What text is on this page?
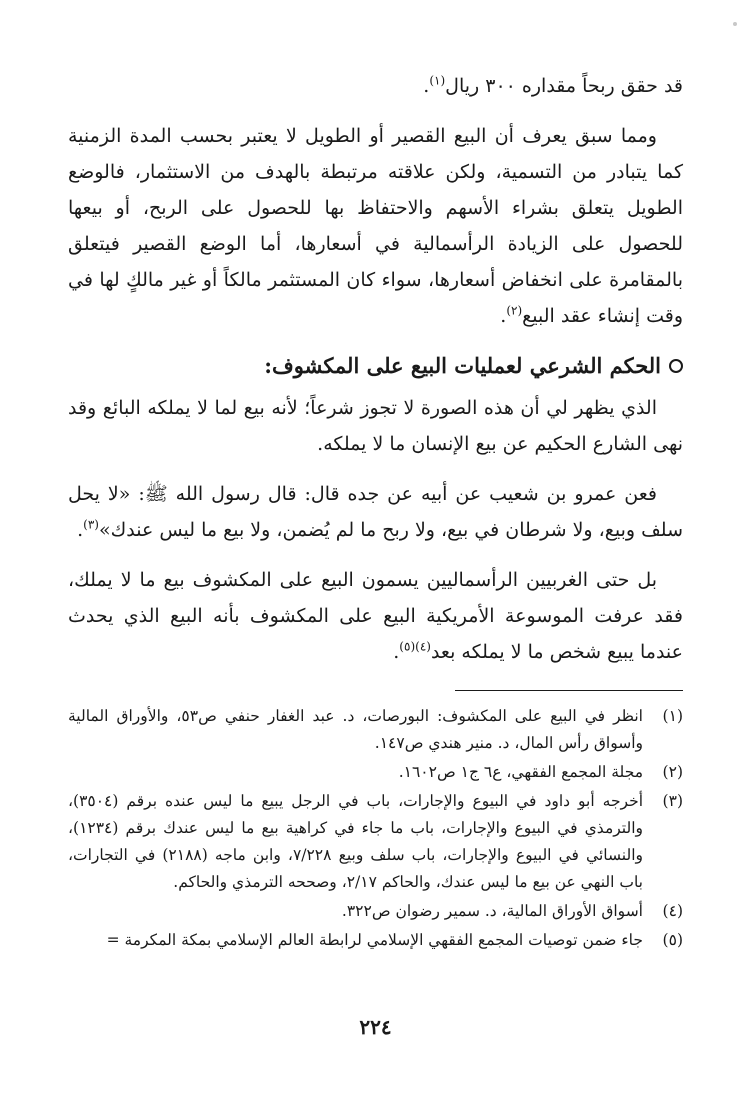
قد حقق ربحاً مقداره ٣٠٠ ريال$^{(١)}$.

ومما سبق يعرف أن البيع القصير أو الطويل لا يعتبر بحسب المدة الزمنية كما يتبادر من التسمية، ولكن علاقته مرتبطة بالهدف من الاستثمار، فالوضع الطويل يتعلق بشراء الأسهم والاحتفاظ بها للحصول على الربح، أو بيعها للحصول على الزيادة الرأسمالية في أسعارها، أما الوضع القصير فيتعلق بالمقامرة على انخفاض أسعارها، سواء كان المستثمر مالكاً أو غير مالكٍ لها في وقت إنشاء عقد البيع$^{(٢)}$.

الحكم الشرعي لعمليات البيع على المكشوف:

الذي يظهر لي أن هذه الصورة لا تجوز شرعاً؛ لأنه بيع لما لا يملكه البائع وقد نهى الشارع الحكيم عن بيع الإنسان ما لا يملكه.

فعن عمرو بن شعيب عن أبيه عن جده قال: قال رسول الله ﷺ: «لا يحل سلف وبيع، ولا شرطان في بيع، ولا ربح ما لم يُضمن، ولا بيع ما ليس عندك»$^{(٣)}$.

بل حتى الغربيين الرأسماليين يسمون البيع على المكشوف بيع ما لا يملك، فقد عرفت الموسوعة الأمريكية البيع على المكشوف بأنه البيع الذي يحدث عندما يبيع شخص ما لا يملكه بعد$^{(٤)(٥)}$.

(١)
انظر في البيع على المكشوف: البورصات، د. عبد الغفار حنفي ص٥٣، والأوراق المالية وأسواق رأس المال، د. منير هندي ص١٤٧.
(٢)
مجلة المجمع الفقهي، ع٦ ج١ ص١٦٠٢.
(٣)
أخرجه أبو داود في البيوع والإجارات، باب في الرجل يبيع ما ليس عنده برقم (٣٥٠٤)، والترمذي في البيوع والإجارات، باب ما جاء في كراهية بيع ما ليس عندك برقم (١٢٣٤)، والنسائي في البيوع والإجارات، باب سلف وبيع ٧/٢٢٨، وابن ماجه (٢١٨٨) في التجارات، باب النهي عن بيع ما ليس عندك، والحاكم ٢/١٧، وصححه الترمذي والحاكم.
(٤)
أسواق الأوراق المالية، د. سمير رضوان ص٣٢٢.
(٥)
جاء ضمن توصيات المجمع الفقهي الإسلامي لرابطة العالم الإسلامي بمكة المكرمة =
٢٢٤
